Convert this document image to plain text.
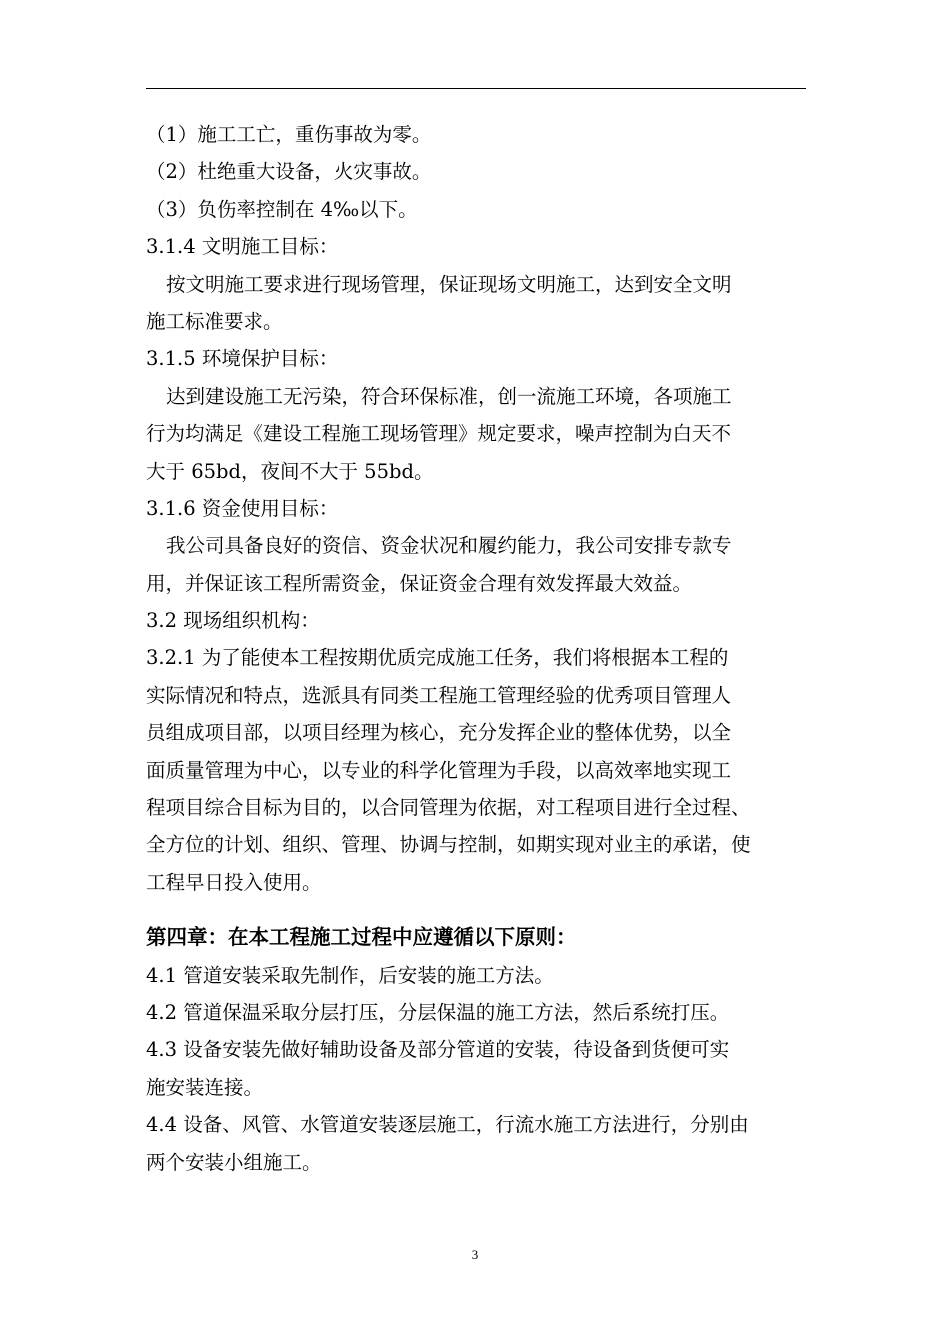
（1）施工工亡，重伤事故为零。
（2）杜绝重大设备，火灾事故。
（3）负伤率控制在 4‰以下。
3.1.4 文明施工目标：
按文明施工要求进行现场管理，保证现场文明施工，达到安全文明
施工标准要求。
3.1.5 环境保护目标：
达到建设施工无污染，符合环保标准，创一流施工环境，各项施工
行为均满足《建设工程施工现场管理》规定要求，噪声控制为白天不
大于 65bd，夜间不大于 55bd。
3.1.6 资金使用目标：
我公司具备良好的资信、资金状况和履约能力，我公司安排专款专
用，并保证该工程所需资金，保证资金合理有效发挥最大效益。
3.2 现场组织机构：
3.2.1 为了能使本工程按期优质完成施工任务，我们将根据本工程的
实际情况和特点，选派具有同类工程施工管理经验的优秀项目管理人
员组成项目部，以项目经理为核心，充分发挥企业的整体优势，以全
面质量管理为中心，以专业的科学化管理为手段，以高效率地实现工
程项目综合目标为目的，以合同管理为依据，对工程项目进行全过程、
全方位的计划、组织、管理、协调与控制，如期实现对业主的承诺，使
工程早日投入使用。
第四章：在本工程施工过程中应遵循以下原则：
4.1 管道安装采取先制作，后安装的施工方法。
4.2 管道保温采取分层打压，分层保温的施工方法，然后系统打压。
4.3 设备安装先做好辅助设备及部分管道的安装，待设备到货便可实
施安装连接。
4.4 设备、风管、水管道安装逐层施工，行流水施工方法进行，分别由
两个安装小组施工。
3
